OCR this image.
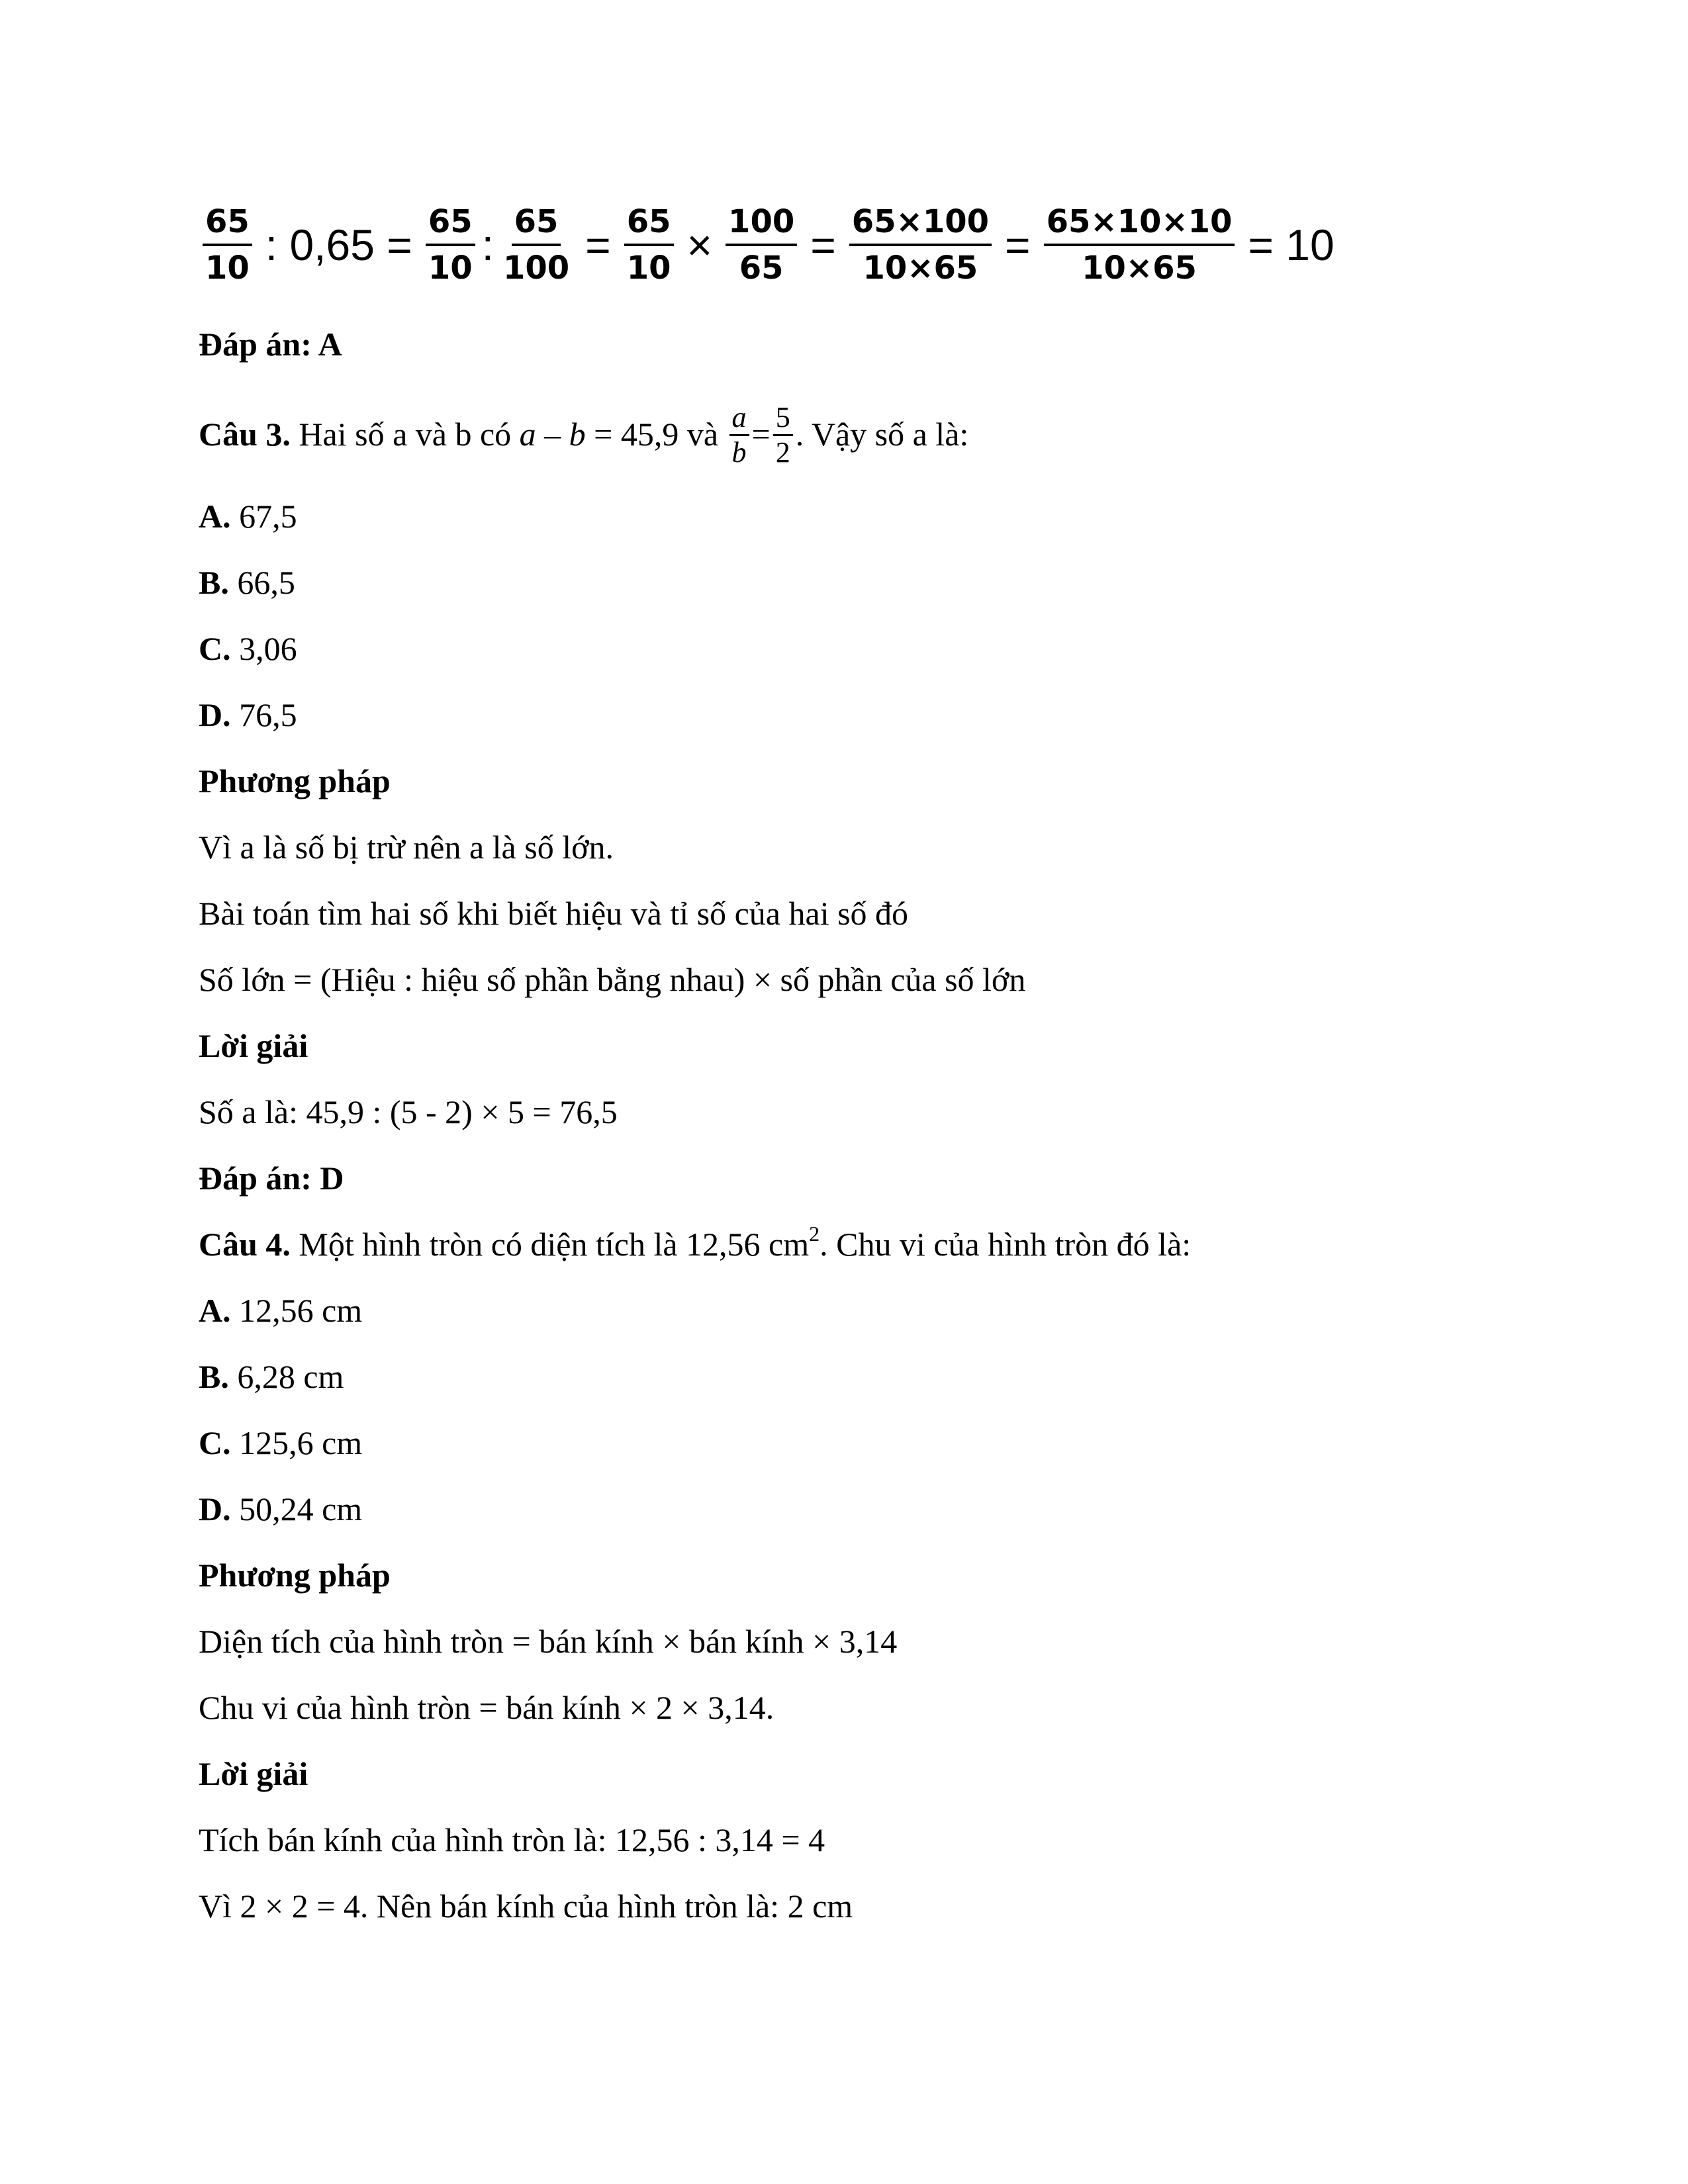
$\frac{65}{10}$ : $0,65 = \frac{65}{10}$ : $\frac{65}{100} = \frac{65}{10} \times \frac{100}{65} = \frac{65\times 100}{10\times 65} = \frac{65\times 10\times 10}{10\times 65} = 10$
Đáp án: A
Câu 3. Hai số a và b có a – b = 45,9 và $\frac{a}{b} = \frac{5}{2}$ . Vậy số a là:
A. 67,5
B. 66,5
C. 3,06
D. 76,5
Phương pháp
Vì a là số bị trừ nên a là số lớn.
Bài toán tìm hai số khi biết hiệu và tỉ số của hai số đó
Số lớn = (Hiệu : hiệu số phần bằng nhau) × số phần của số lớn
Lời giải
Số a là: 45,9 : (5 - 2) × 5 = 76,5
Đáp án: D
Câu 4. Một hình tròn có diện tích là 12,56 $cm^2$. Chu vi của hình tròn đó là:
A. 12,56 cm
B. 6,28 cm
C. 125,6 cm
D. 50,24 cm
Phương pháp
Diện tích của hình tròn = bán kính × bán kính × 3,14
Chu vi của hình tròn = bán kính × 2 × 3,14.
Lời giải
Tích bán kính của hình tròn là: 12,56 : 3,14 = 4
Vì 2 × 2 = 4. Nên bán kính của hình tròn là: 2 cm
